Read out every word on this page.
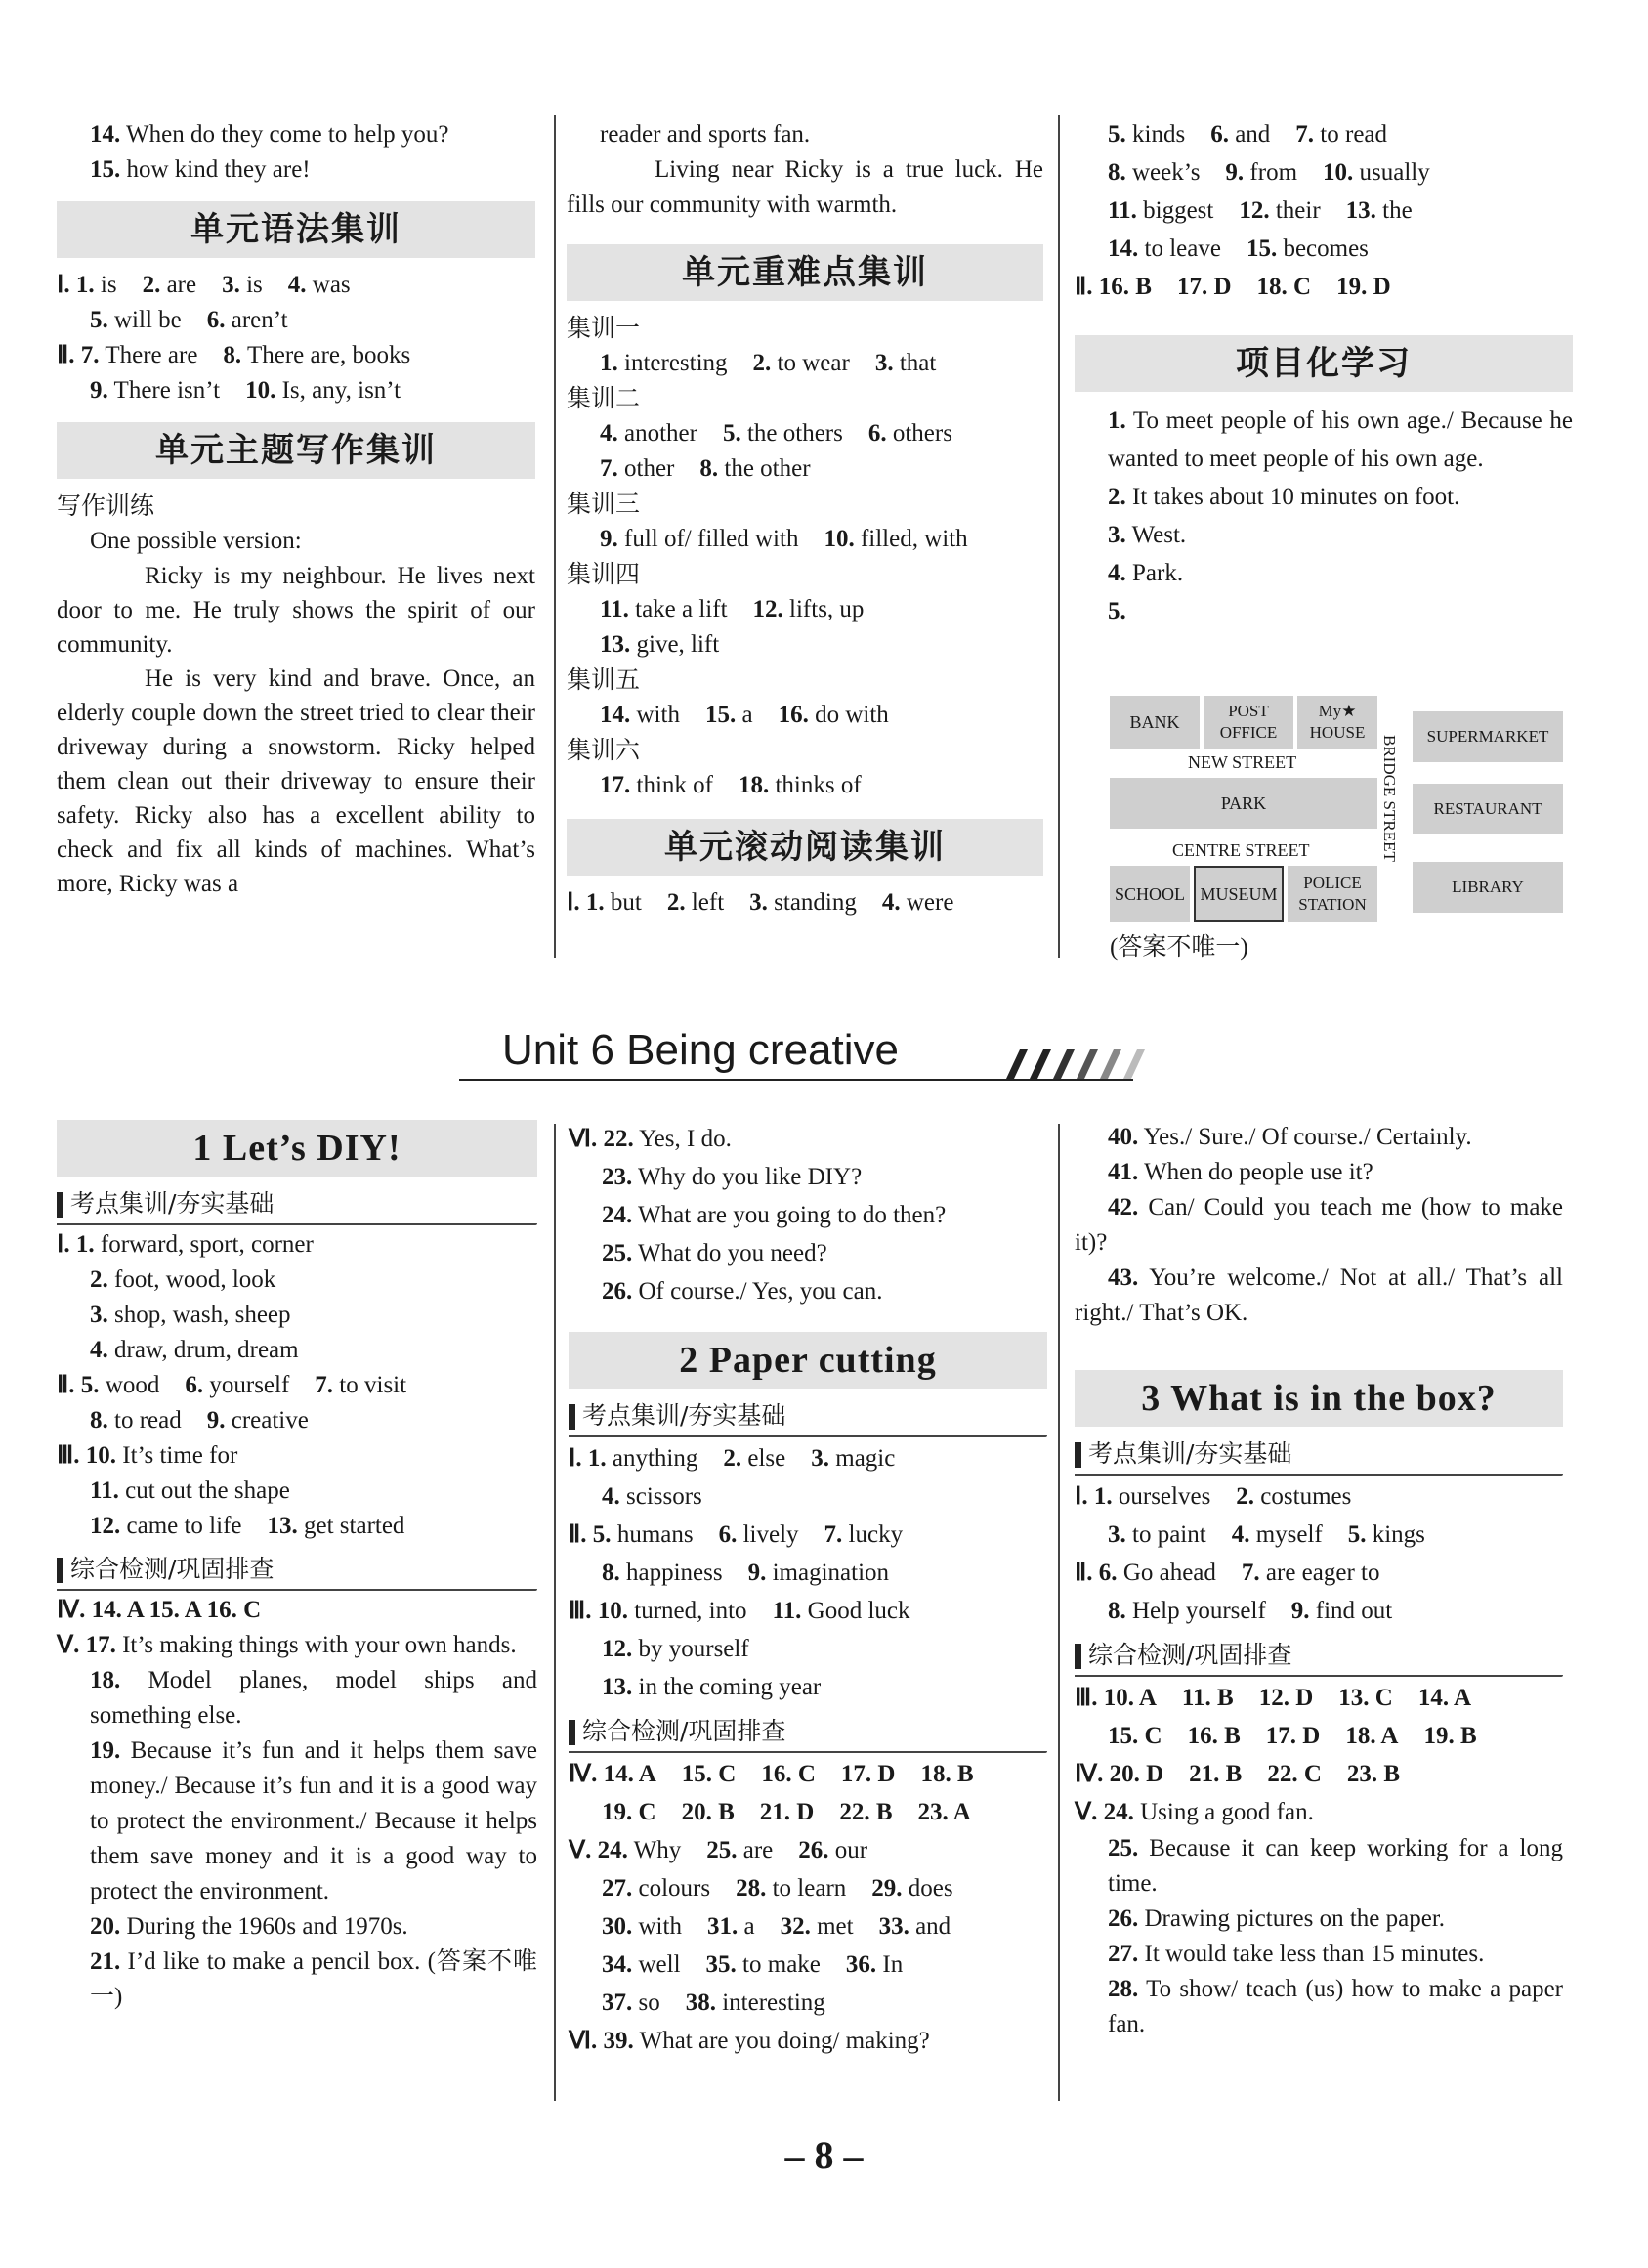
14. When do they come to help you?
15. how kind they are!
单元语法集训
Ⅰ. 1. is 2. are 3. is 4. was
5. will be 6. aren’t
Ⅱ. 7. There are 8. There are, books
9. There isn’t 10. Is, any, isn’t
单元主题写作集训
写作训练
One possible version:
Ricky is my neighbour. He lives next door to me. He truly shows the spirit of our community.
He is very kind and brave. Once, an elderly couple down the street tried to clear their driveway during a snowstorm. Ricky helped them clean out their driveway to ensure their safety. Ricky also has a excellent ability to check and fix all kinds of machines. What’s more, Ricky was a
reader and sports fan.
Living near Ricky is a true luck. He fills our community with warmth.
单元重难点集训
集训一
1. interesting 2. to wear 3. that
集训二
4. another 5. the others 6. others
7. other 8. the other
集训三
9. full of/ filled with 10. filled, with
集训四
11. take a lift 12. lifts, up
13. give, lift
集训五
14. with 15. a 16. do with
集训六
17. think of 18. thinks of
单元滚动阅读集训
Ⅰ. 1. but 2. left 3. standing 4. were
5. kinds 6. and 7. to read
8. week’s 9. from 10. usually
11. biggest 12. their 13. the
14. to leave 15. becomes
Ⅱ. 16. B 17. D 18. C 19. D
项目化学习
1. To meet people of his own age./ Because he wanted to meet people of his own age.
2. It takes about 10 minutes on foot.
3. West.
4. Park.
5.
BANK
POST OFFICE
My★
HOUSE
NEW STREET
PARK
CENTRE STREET
SCHOOL MUSEUM
POLICE STATION
BRIDGE STREET	SUPERMARKET
RESTAURANT
LIBRARY
(答案不唯一)
Unit 6 Being creative
1 Let’s DIY!
考点集训/夯实基础
Ⅰ. 1. forward, sport, corner
2. foot, wood, look
3. shop, wash, sheep
4. draw, drum, dream
Ⅱ. 5. wood 6. yourself 7. to visit
8. to read 9. creative
Ⅲ. 10. It’s time for
11. cut out the shape
12. came to life 13. get started
综合检测/巩固排查
Ⅳ. 14. A 15. A 16. C
Ⅴ. 17. It’s making things with your own hands.
18. Model planes, model ships and something else.
19. Because it’s fun and it helps them save money./ Because it’s fun and it is a good way to protect the environment./ Because it helps them save money and it is a good way to protect the environment.
20. During the 1960s and 1970s.
21. I’d like to make a pencil box. (答案不唯一)
Ⅵ. 22. Yes, I do.
23. Why do you like DIY?
24. What are you going to do then?
25. What do you need?
26. Of course./ Yes, you can.
2 Paper cutting
考点集训/夯实基础
Ⅰ. 1. anything 2. else 3. magic
4. scissors
Ⅱ. 5. humans 6. lively 7. lucky
8. happiness 9. imagination
Ⅲ. 10. turned, into 11. Good luck
12. by yourself
13. in the coming year
综合检测/巩固排查
Ⅳ. 14. A 15. C 16. C 17. D 18. B
19. C 20. B 21. D 22. B 23. A
Ⅴ. 24. Why 25. are 26. our
27. colours 28. to learn 29. does
30. with 31. a 32. met 33. and
34. well 35. to make 36. In
37. so 38. interesting
Ⅵ. 39. What are you doing/ making?
40. Yes./ Sure./ Of course./ Certainly.
41. When do people use it?
42. Can/ Could you teach me (how to make it)?
43. You’re welcome./ Not at all./ That’s all right./ That’s OK.
3 What is in the box?
考点集训/夯实基础
Ⅰ. 1. ourselves 2. costumes
3. to paint 4. myself 5. kings
Ⅱ. 6. Go ahead 7. are eager to
8. Help yourself 9. find out
综合检测/巩固排查
Ⅲ. 10. A 11. B 12. D 13. C 14. A
15. C 16. B 17. D 18. A 19. B
Ⅳ. 20. D 21. B 22. C 23. B
Ⅴ. 24. Using a good fan.
25. Because it can keep working for a long time.
26. Drawing pictures on the paper.
27. It would take less than 15 minutes.
28. To show/ teach (us) how to make a paper fan.
– 8 –
